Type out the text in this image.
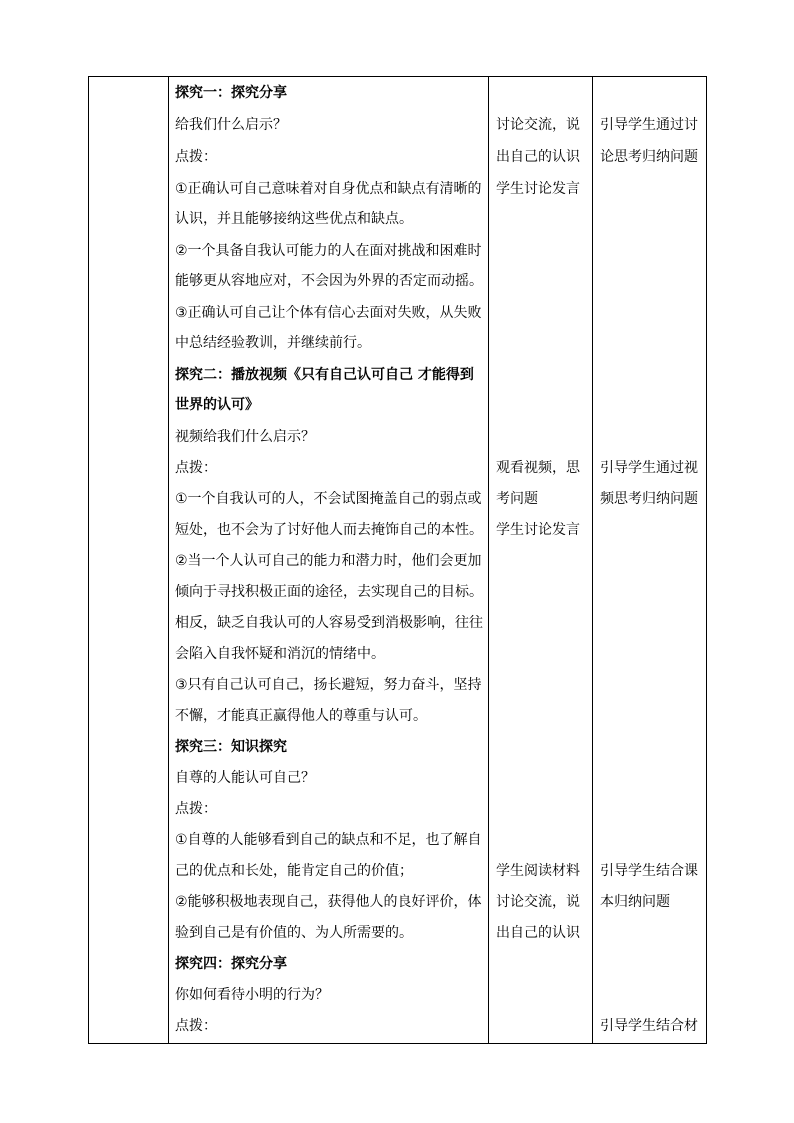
探究一：探究分享
给我们什么启示？
点拨：
①正确认可自己意味着对自身优点和缺点有清晰的
认识，并且能够接纳这些优点和缺点。
②一个具备自我认可能力的人在面对挑战和困难时
能够更从容地应对，不会因为外界的否定而动摇。
③正确认可自己让个体有信心去面对失败，从失败
中总结经验教训，并继续前行。
探究二：播放视频《只有自己认可自己 才能得到
世界的认可》
视频给我们什么启示？
点拨：
①一个自我认可的人，不会试图掩盖自己的弱点或
短处，也不会为了讨好他人而去掩饰自己的本性。
②当一个人认可自己的能力和潜力时，他们会更加
倾向于寻找积极正面的途径，去实现自己的目标。
相反，缺乏自我认可的人容易受到消极影响，往往
会陷入自我怀疑和消沉的情绪中。
③只有自己认可自己，扬长避短，努力奋斗，坚持
不懈，才能真正赢得他人的尊重与认可。
探究三：知识探究
自尊的人能认可自己？
点拨：
①自尊的人能够看到自己的缺点和不足，也了解自
己的优点和长处，能肯定自己的价值；
②能够积极地表现自己，获得他人的良好评价，体
验到自己是有价值的、为人所需要的。
探究四：探究分享
你如何看待小明的行为？
点拨：
讨论交流，说
出自己的认识
学生讨论发言
观看视频，思
考问题
学生讨论发言
学生阅读材料
讨论交流，说
出自己的认识
引导学生通过讨
论思考归纳问题
引导学生通过视
频思考归纳问题
引导学生结合课
本归纳问题
引导学生结合材
